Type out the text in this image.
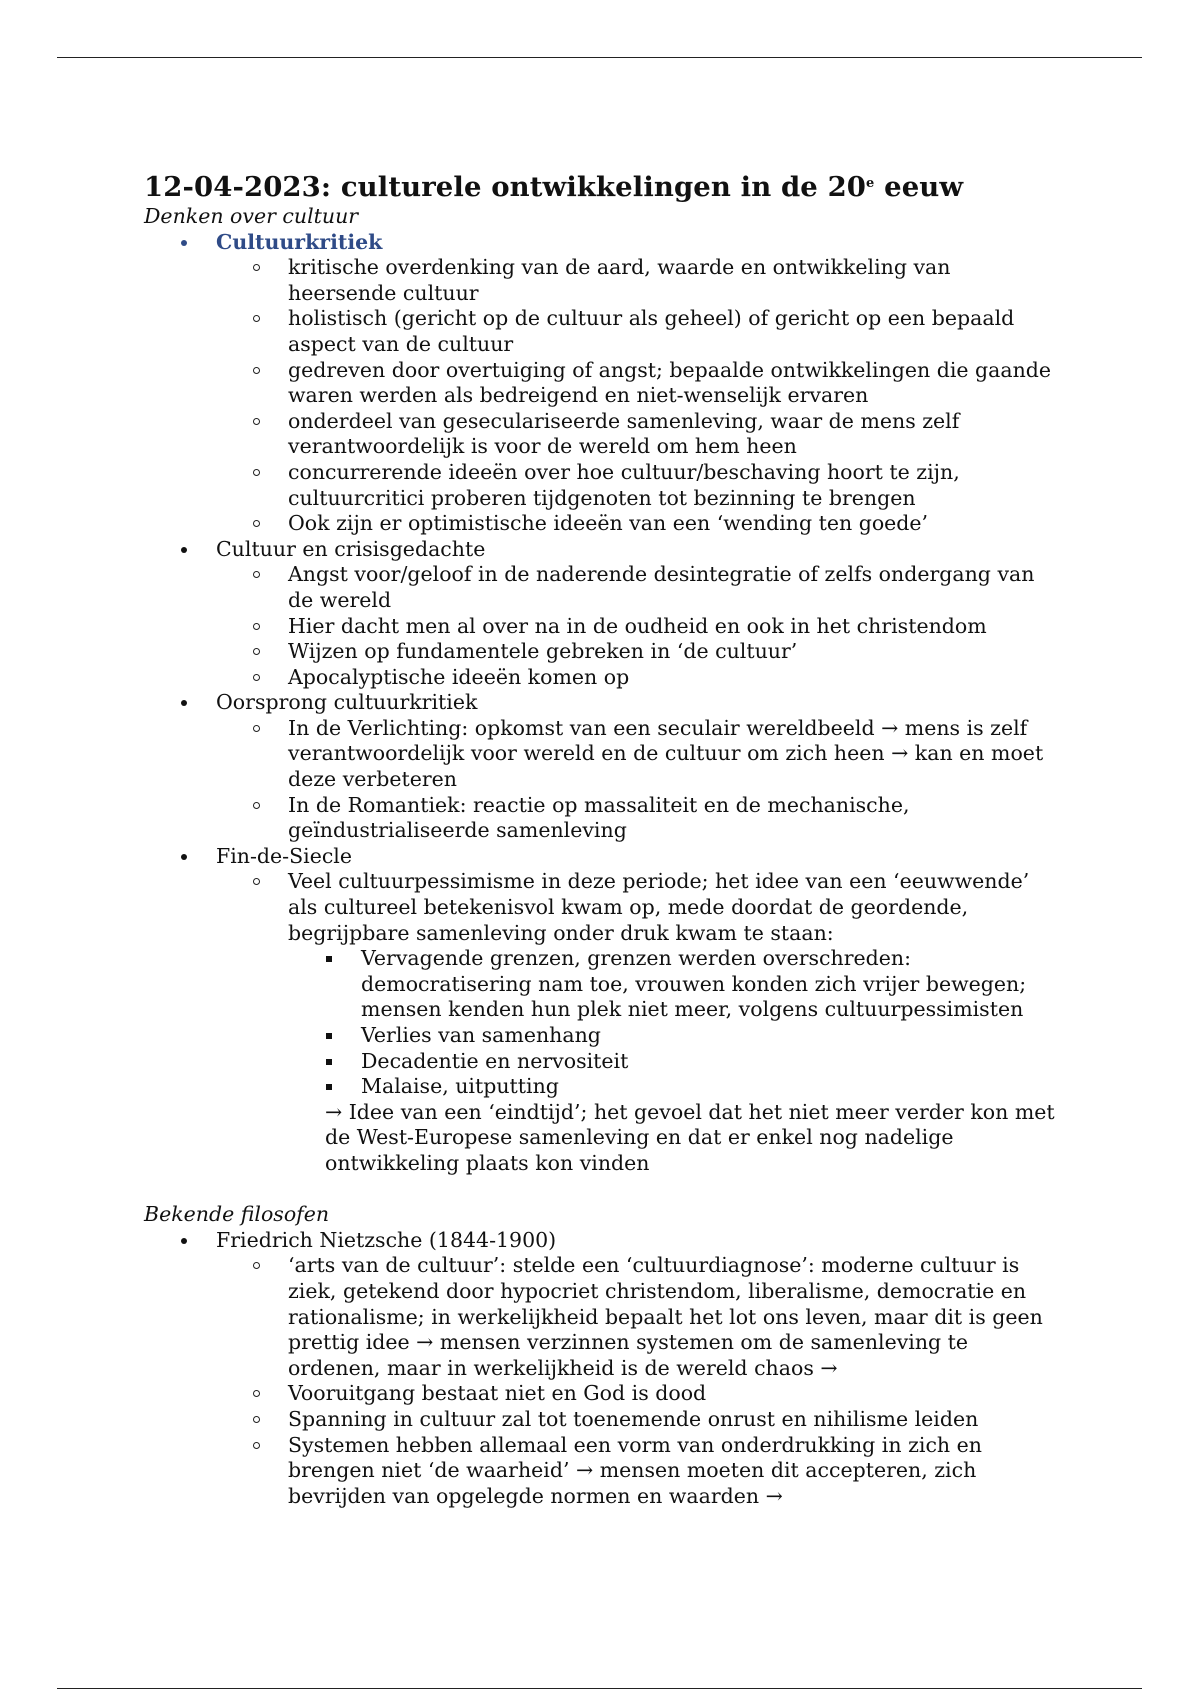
12-04-2023: culturele ontwikkelingen in de 20e eeuw

Denken over cultuur

Cultuurkritiek
kritische overdenking van de aard, waarde en ontwikkeling van heersende cultuur
holistisch (gericht op de cultuur als geheel) of gericht op een bepaald aspect van de cultuur
gedreven door overtuiging of angst; bepaalde ontwikkelingen die gaande waren werden als bedreigend en niet-wenselijk ervaren
onderdeel van geseculariseerde samenleving, waar de mens zelf verantwoordelijk is voor de wereld om hem heen
concurrerende ideeën over hoe cultuur/beschaving hoort te zijn, cultuurcritici proberen tijdgenoten tot bezinning te brengen
Ook zijn er optimistische ideeën van een ‘wending ten goede’
Cultuur en crisisgedachte
Angst voor/geloof in de naderende desintegratie of zelfs ondergang van de wereld
Hier dacht men al over na in de oudheid en ook in het christendom
Wijzen op fundamentele gebreken in ‘de cultuur’
Apocalyptische ideeën komen op
Oorsprong cultuurkritiek
In de Verlichting: opkomst van een seculair wereldbeeld → mens is zelf verantwoordelijk voor wereld en de cultuur om zich heen → kan en moet deze verbeteren
In de Romantiek: reactie op massaliteit en de mechanische, geïndustrialiseerde samenleving
Fin-de-Siecle
Veel cultuurpessimisme in deze periode; het idee van een ‘eeuwwende’ als cultureel betekenisvol kwam op, mede doordat de geordende, begrijpbare samenleving onder druk kwam te staan:
Vervagende grenzen, grenzen werden overschreden: democratisering nam toe, vrouwen konden zich vrijer bewegen; mensen kenden hun plek niet meer, volgens cultuurpessimisten
Verlies van samenhang
Decadentie en nervositeit
Malaise, uitputting
→ Idee van een ‘eindtijd’; het gevoel dat het niet meer verder kon met de West-Europese samenleving en dat er enkel nog nadelige ontwikkeling plaats kon vinden

Bekende filosofen

Friedrich Nietzsche (1844-1900)
‘arts van de cultuur’: stelde een ‘cultuurdiagnose’: moderne cultuur is ziek, getekend door hypocriet christendom, liberalisme, democratie en rationalisme; in werkelijkheid bepaalt het lot ons leven, maar dit is geen prettig idee → mensen verzinnen systemen om de samenleving te ordenen, maar in werkelijkheid is de wereld chaos →
Vooruitgang bestaat niet en God is dood
Spanning in cultuur zal tot toenemende onrust en nihilisme leiden
Systemen hebben allemaal een vorm van onderdrukking in zich en brengen niet ‘de waarheid’ → mensen moeten dit accepteren, zich bevrijden van opgelegde normen en waarden →
